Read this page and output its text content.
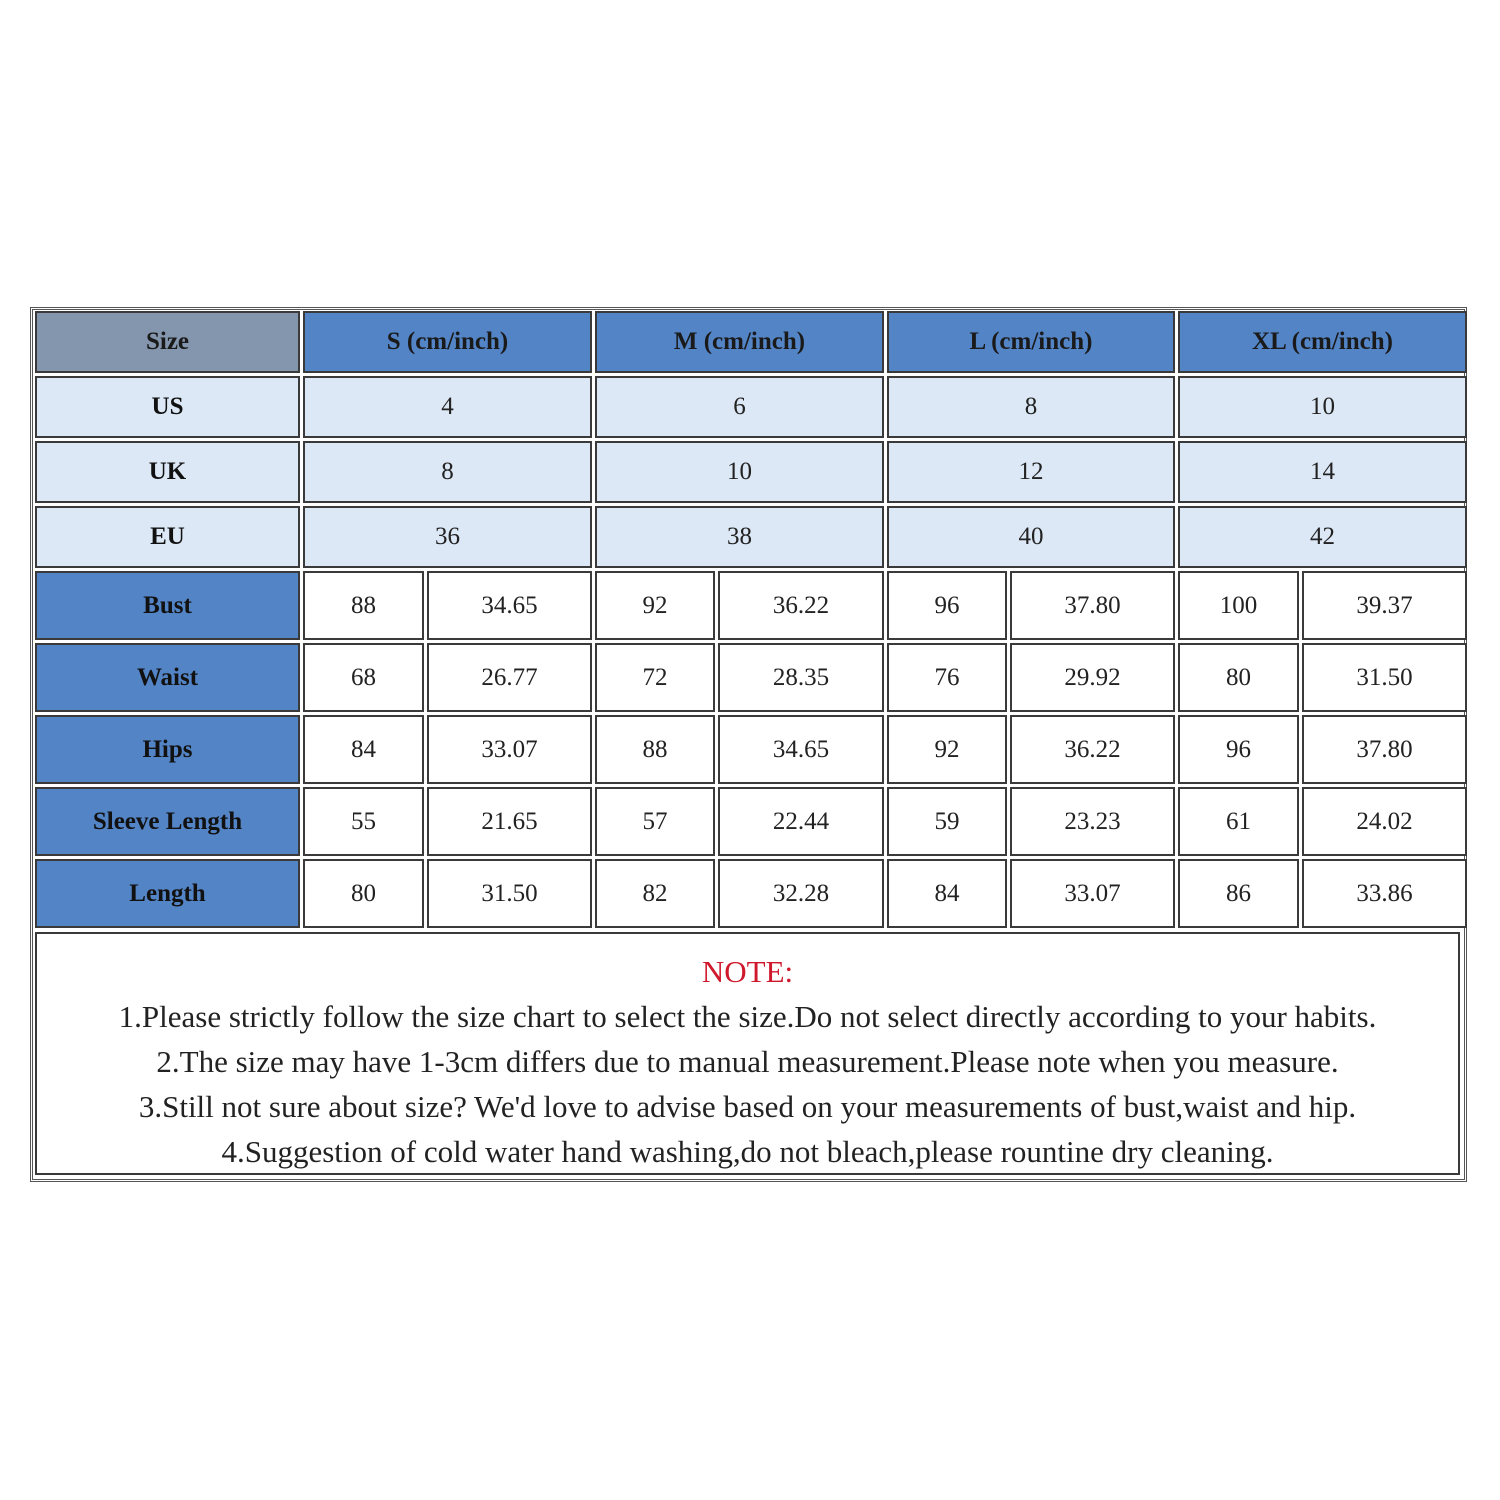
Size	S (cm/inch)	M (cm/inch)	L (cm/inch)	XL (cm/inch)
US	4	6	8	10
UK	8	10	12	14
EU	36	38	40	42
Bust	88	34.65	92	36.22	96	37.80	100	39.37
Waist	68	26.77	72	28.35	76	29.92	80	31.50
Hips	84	33.07	88	34.65	92	36.22	96	37.80
Sleeve Length	55	21.65	57	22.44	59	23.23	61	24.02
Length	80	31.50	82	32.28	84	33.07	86	33.86
NOTE:
1.Please strictly follow the size chart to select the size.Do not select directly according to your habits.
2.The size may have 1-3cm differs due to manual measurement.Please note when you measure.
3.Still not sure about size? We'd love to advise based on your measurements of bust,waist and hip.
4.Suggestion of cold water hand washing,do not bleach,please rountine dry cleaning.
